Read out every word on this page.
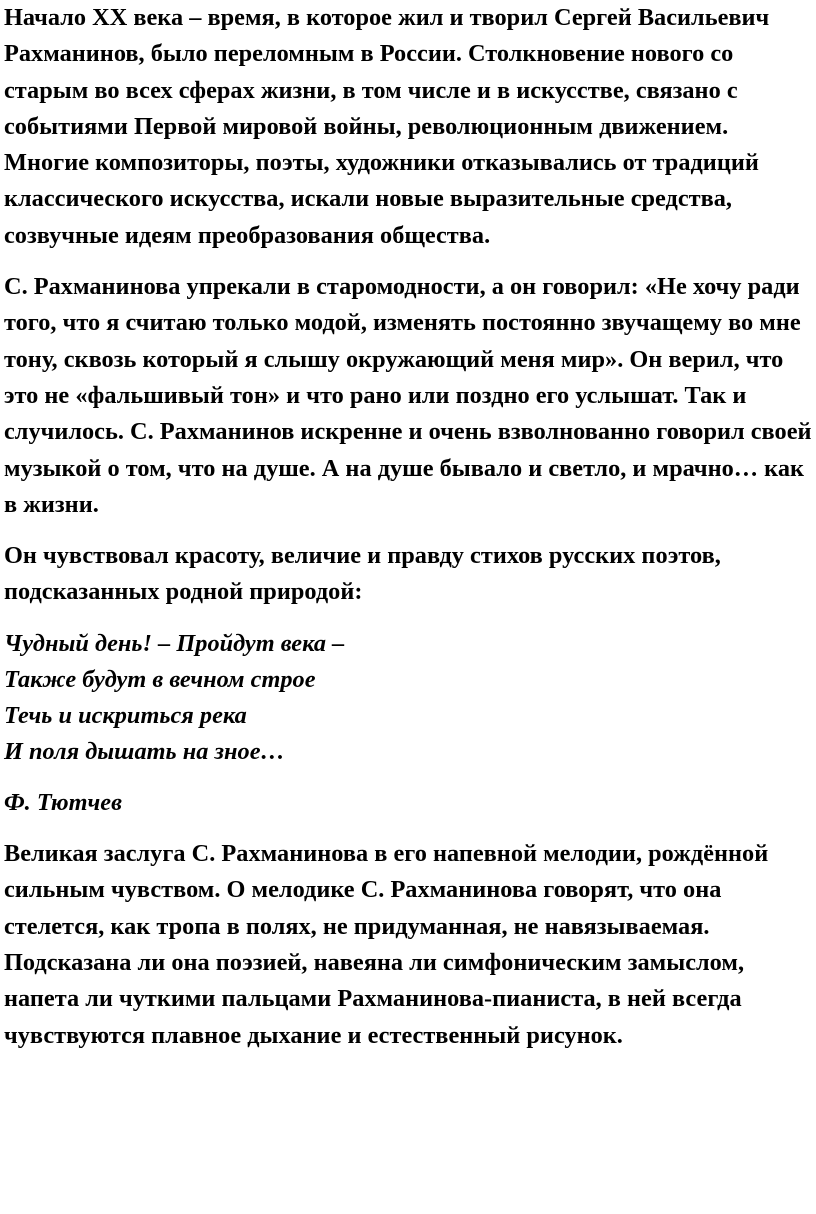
Начало XX века – время, в которое жил и творил Сергей Васильевич Рахманинов, было переломным в России. Столкновение нового со старым во всех сферах жизни, в том числе и в искусстве, связано с событиями Первой мировой войны, революционным движением. Многие композиторы, поэты, художники отказывались от традиций классического искусства, искали новые выразительные средства, созвучные идеям преобразования общества.

С. Рахманинова упрекали в старомодности, а он говорил: «Не хочу ради того, что я считаю только модой, изменять постоянно звучащему во мне тону, сквозь который я слышу окружающий меня мир». Он верил, что это не «фальшивый тон» и что рано или поздно его услышат. Так и случилось. С. Рахманинов искренне и очень взволнованно говорил своей музыкой о том, что на душе. А на душе бывало и светло, и мрачно… как в жизни.

Он чувствовал красоту, величие и правду стихов русских поэтов, подсказанных родной природой:

Чудный день! – Пройдут века –
Также будут в вечном строе
Течь и искриться река
И поля дышать на зное…

Ф. Тютчев

Великая заслуга С. Рахманинова в его напевной мелодии, рождённой сильным чувством. О мелодике С. Рахманинова говорят, что она стелется, как тропа в полях, не придуманная, не навязываемая. Подсказана ли она поэзией, навеяна ли симфоническим замыслом, напета ли чуткими пальцами Рахманинова-пианиста, в ней всегда чувствуются плавное дыхание и естественный рисунок.
